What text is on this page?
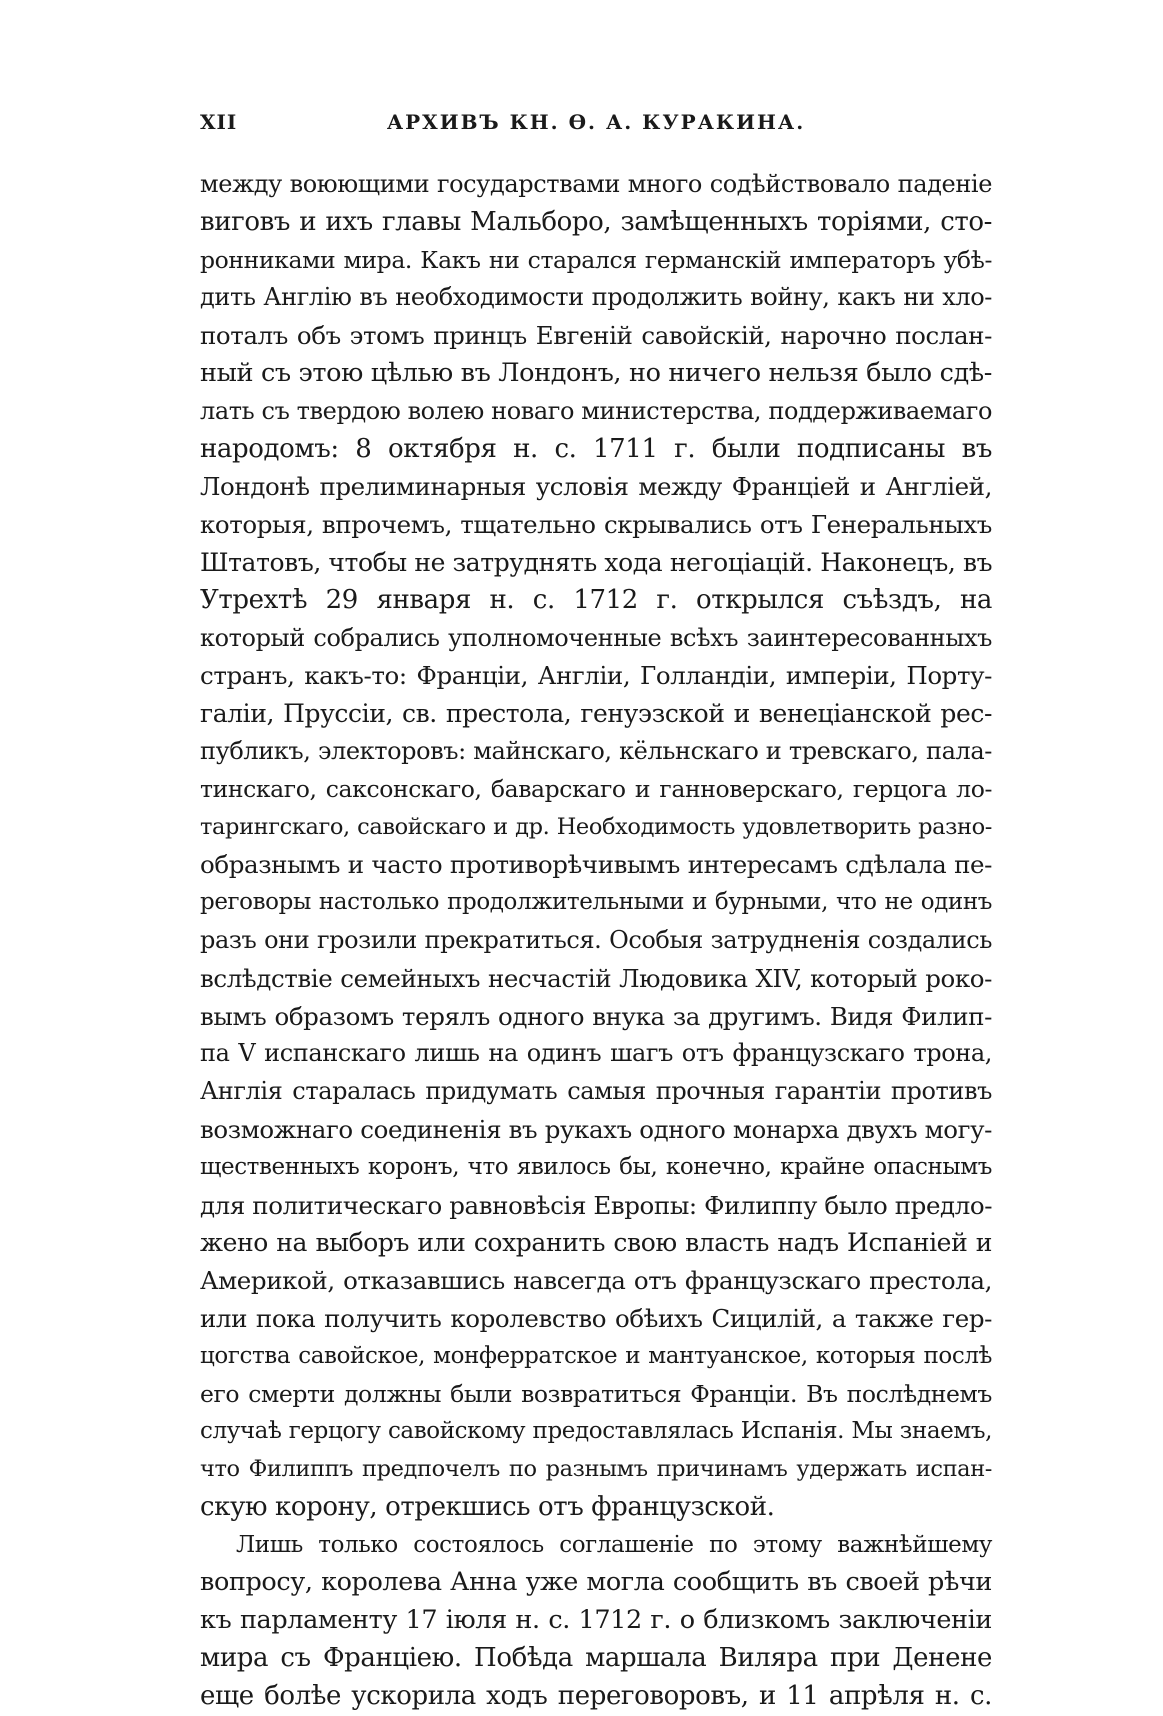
XII	АРХИВЪ КН. Ѳ. А. КУРАКИНА.
между воюющими государствами много содѣйствовало паденіе
виговъ и ихъ главы Мальборо, замѣщенныхъ торіями, сто-
ронниками мира. Какъ ни старался германскій императоръ убѣ-
дить Англію въ необходимости продолжить войну, какъ ни хло-
поталъ объ этомъ принцъ Евгеній савойскій, нарочно послан-
ный съ этою цѣлью въ Лондонъ, но ничего нельзя было сдѣ-
лать съ твердою волею новаго министерства, поддерживаемаго
народомъ: 8 октября н. с. 1711 г. были подписаны въ
Лондонѣ прелиминарныя условія между Франціей и Англіей,
которыя, впрочемъ, тщательно скрывались отъ Генеральныхъ
Штатовъ, чтобы не затруднять хода негоціацій. Наконецъ, въ
Утрехтѣ 29 января н. с. 1712 г. открылся съѣздъ, на
который собрались уполномоченные всѣхъ заинтересованныхъ
странъ, какъ-то: Франціи, Англіи, Голландіи, имперіи, Порту-
галіи, Пруссіи, св. престола, генуэзской и венеціанской рес-
публикъ, электоровъ: майнскаго, кёльнскаго и тревскаго, пала-
тинскаго, саксонскаго, баварскаго и ганноверскаго, герцога ло-
тарингскаго, савойскаго и др. Необходимость удовлетворить разно-
образнымъ и часто противорѣчивымъ интересамъ сдѣлала пе-
реговоры настолько продолжительными и бурными, что не одинъ
разъ они грозили прекратиться. Особыя затрудненія создались
вслѣдствіе семейныхъ несчастій Людовика XIV, который роко-
вымъ образомъ терялъ одного внука за другимъ. Видя Филип-
па V испанскаго лишь на одинъ шагъ отъ французскаго трона,
Англія старалась придумать самыя прочныя гарантіи противъ
возможнаго соединенія въ рукахъ одного монарха двухъ могу-
щественныхъ коронъ, что явилось бы, конечно, крайне опаснымъ
для политическаго равновѣсія Европы: Филиппу было предло-
жено на выборъ или сохранить свою власть надъ Испаніей и
Америкой, отказавшись навсегда отъ французскаго престола,
или пока получить королевство обѣихъ Сицилій, а также гер-
цогства савойское, монферратское и мантуанское, которыя послѣ
его смерти должны были возвратиться Франціи. Въ послѣднемъ
случаѣ герцогу савойскому предоставлялась Испанія. Мы знаемъ,
что Филиппъ предпочелъ по разнымъ причинамъ удержать испан-
скую корону, отрекшись отъ французской.
Лишь только состоялось соглашеніе по этому важнѣйшему
вопросу, королева Анна уже могла сообщить въ своей рѣчи
къ парламенту 17 іюля н. с. 1712 г. о близкомъ заключеніи
мира съ Франціею. Побѣда маршала Виляра при Денене
еще болѣе ускорила ходъ переговоровъ, и 11 апрѣля н. с.
